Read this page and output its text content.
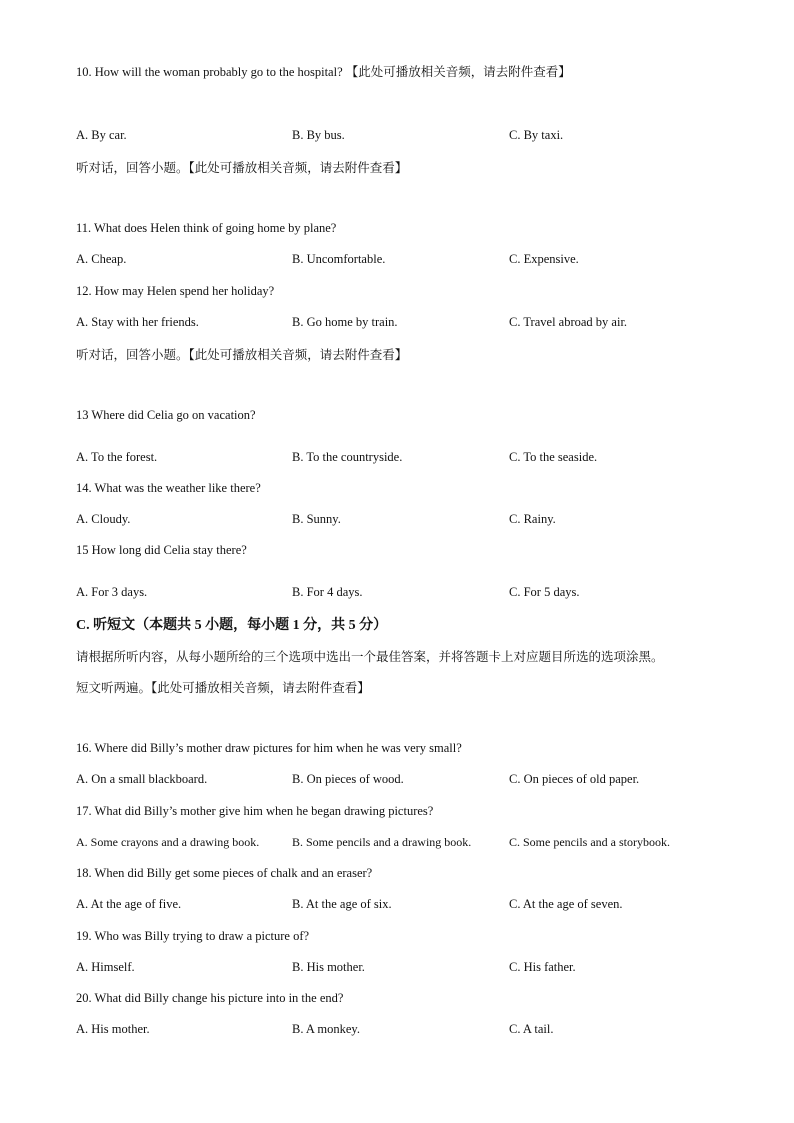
10. How will the woman probably go to the hospital? 【此处可播放相关音频，请去附件查看】
A. By car.	B. By bus.	C. By taxi.
听对话，回答小题。【此处可播放相关音频，请去附件查看】
11. What does Helen think of going home by plane?
A. Cheap.	B. Uncomfortable.	C. Expensive.
12. How may Helen spend her holiday?
A. Stay with her friends.	B. Go home by train.	C. Travel abroad by air.
听对话，回答小题。【此处可播放相关音频，请去附件查看】
13 Where did Celia go on vacation?
A. To the forest.	B. To the countryside.	C. To the seaside.
14. What was the weather like there?
A. Cloudy.	B. Sunny.	C. Rainy.
15 How long did Celia stay there?
A. For 3 days.	B. For 4 days.	C. For 5 days.
C. 听短文（本题共 5 小题，每小题 1 分，共 5 分）
请根据所听内容，从每小题所给的三个选项中选出一个最佳答案，并将答题卡上对应题目所选的选项涂黑。
短文听两遍。【此处可播放相关音频，请去附件查看】
16. Where did Billy’s mother draw pictures for him when he was very small?
A. On a small blackboard.	B. On pieces of wood.	C. On pieces of old paper.
17. What did Billy’s mother give him when he began drawing pictures?
A. Some crayons and a drawing book.	B. Some pencils and a drawing book.	C. Some pencils and a storybook.
18. When did Billy get some pieces of chalk and an eraser?
A. At the age of five.	B. At the age of six.	C. At the age of seven.
19. Who was Billy trying to draw a picture of?
A. Himself.	B. His mother.	C. His father.
20. What did Billy change his picture into in the end?
A. His mother.	B. A monkey.	C. A tail.
